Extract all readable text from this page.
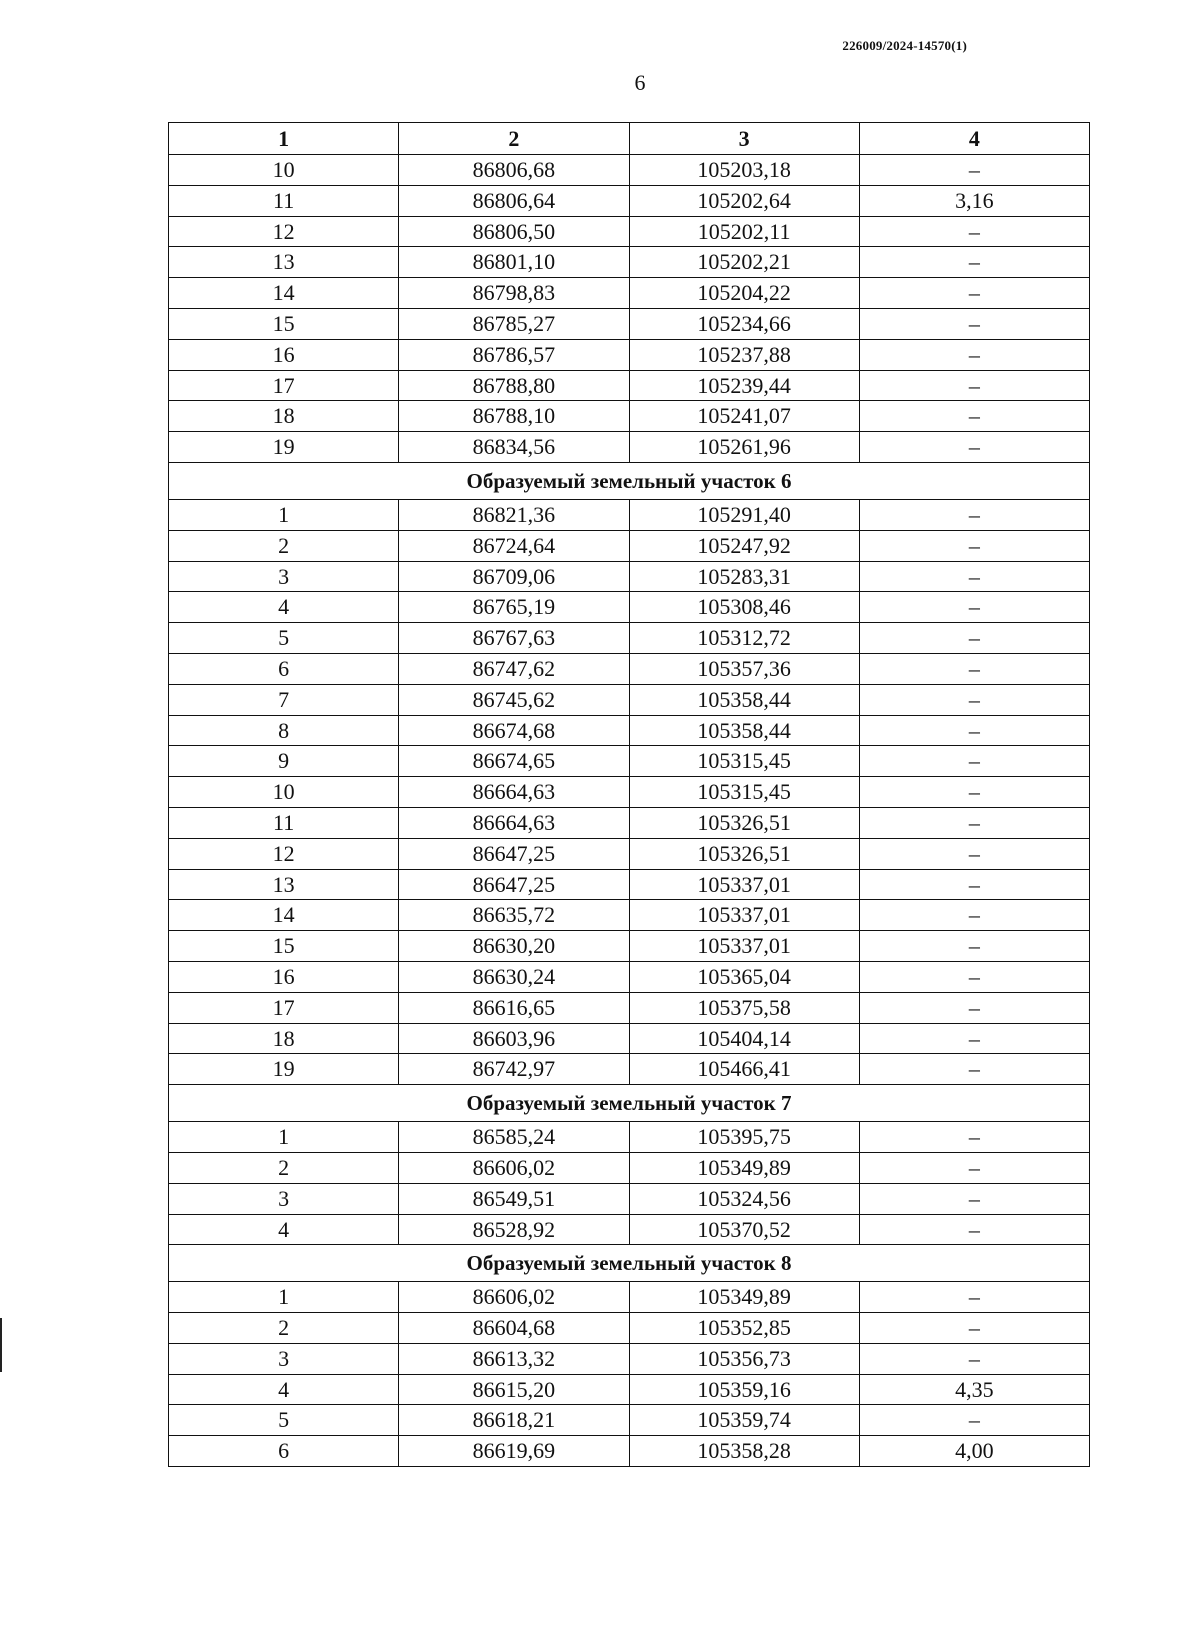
226009/2024-14570(1)
6
1	2	3	4
10	86806,68	105203,18	–
11	86806,64	105202,64	3,16
12	86806,50	105202,11	–
13	86801,10	105202,21	–
14	86798,83	105204,22	–
15	86785,27	105234,66	–
16	86786,57	105237,88	–
17	86788,80	105239,44	–
18	86788,10	105241,07	–
19	86834,56	105261,96	–
Образуемый земельный участок 6			
1	86821,36	105291,40	–
2	86724,64	105247,92	–
3	86709,06	105283,31	–
4	86765,19	105308,46	–
5	86767,63	105312,72	–
6	86747,62	105357,36	–
7	86745,62	105358,44	–
8	86674,68	105358,44	–
9	86674,65	105315,45	–
10	86664,63	105315,45	–
11	86664,63	105326,51	–
12	86647,25	105326,51	–
13	86647,25	105337,01	–
14	86635,72	105337,01	–
15	86630,20	105337,01	–
16	86630,24	105365,04	–
17	86616,65	105375,58	–
18	86603,96	105404,14	–
19	86742,97	105466,41	–
Образуемый земельный участок 7			
1	86585,24	105395,75	–
2	86606,02	105349,89	–
3	86549,51	105324,56	–
4	86528,92	105370,52	–
Образуемый земельный участок 8			
1	86606,02	105349,89	–
2	86604,68	105352,85	–
3	86613,32	105356,73	–
4	86615,20	105359,16	4,35
5	86618,21	105359,74	–
6	86619,69	105358,28	4,00
